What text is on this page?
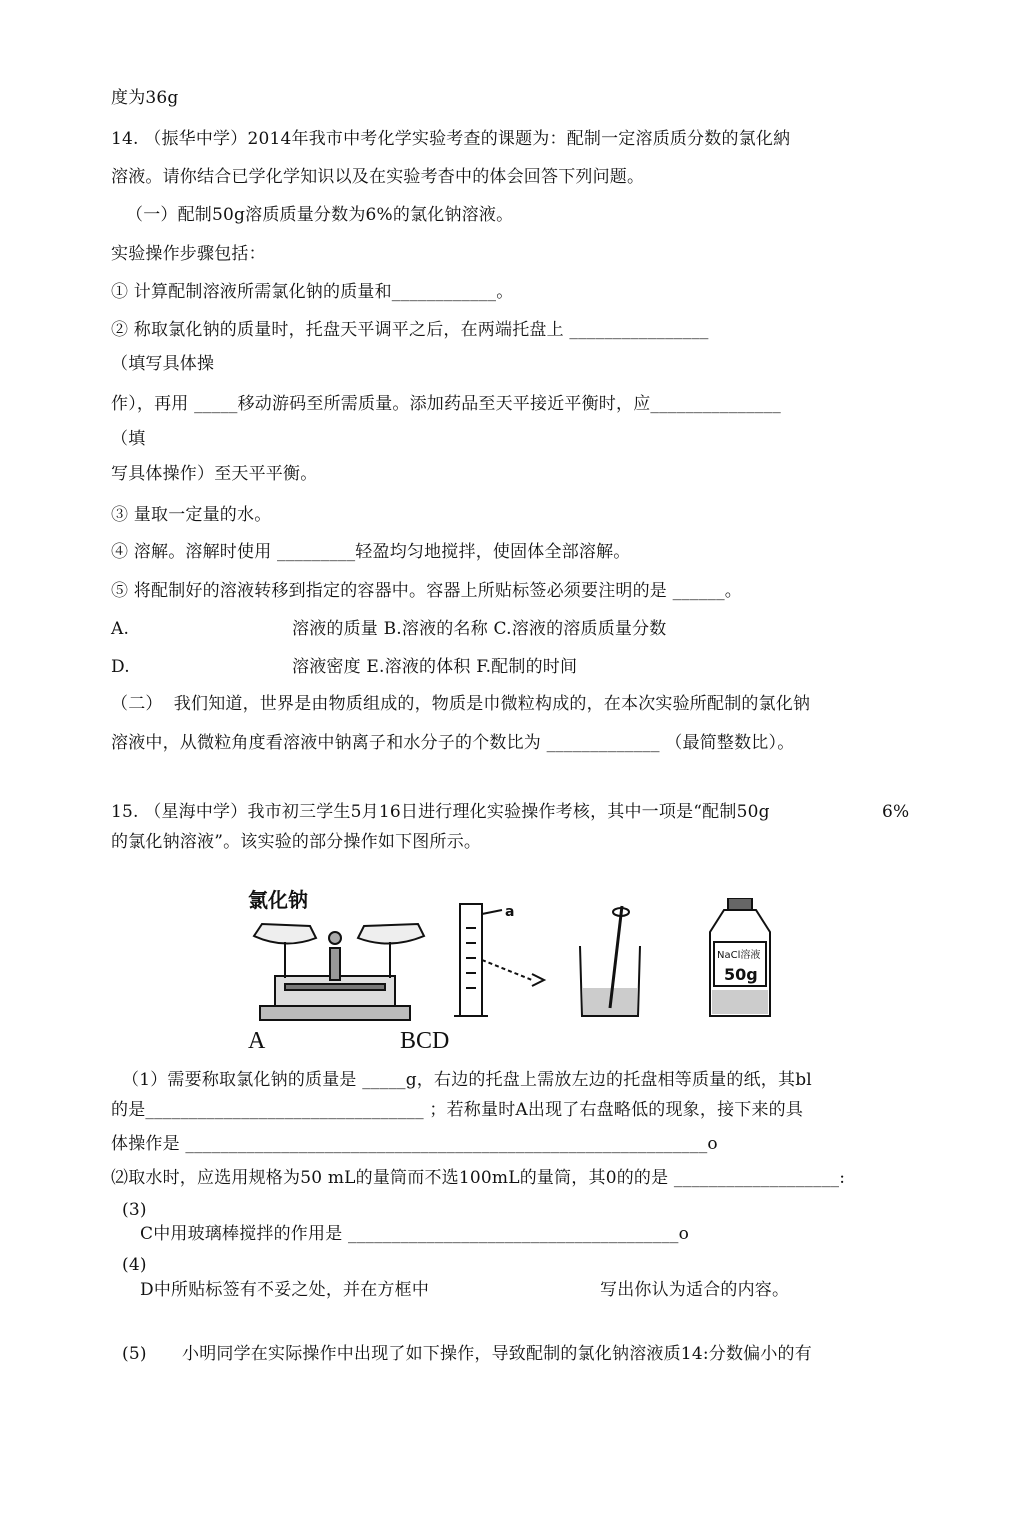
度为36g
14. （振华中学）2014年我市中考化学实验考查的课题为：配制一定溶质质分数的氯化納
溶液。请你结合已学化学知识以及在实验考杳中的体会回答下列问题。
（一）配制50g溶质质量分数为6%的氯化钠溶液。
实验操作步骤包括：
① 计算配制溶液所需氯化钠的质量和____________。
② 称取氯化钠的质量时，托盘天平调平之后，在两端托盘上 ________________
（填写具体操
作），再用 _____移动游码至所需质量。添加药品至天平接近平衡时，应_______________
（填
写具体操作）至天平平衡。
③ 量取一定量的水。
④ 溶解。溶解时使用 _________轻盈均匀地搅拌，使固体全部溶解。
⑤ 将配制好的溶液转移到指定的容器中。容器上所贴标签必须要注明的是 ______。
A.	溶液的质量 B.溶液的名称 C.溶液的溶质质量分数
D.	溶液密度 E.溶液的体积 F.配制的时间
（二）  我们知道，世界是由物质组成的，物质是巾微粒构成的，在本次实验所配制的氯化钠
溶液中，从微粒角度看溶液中钠离子和水分子的个数比为 _____________ （最简整数比）。
15. （星海中学）我市初三学生5月16日进行理化实验操作考核，其中一项是“配制50g	6%
的氯化钠溶液”。该实验的部分操作如下图所示。
氯化钠
NaCl溶液
50g
a
A	BCD
（1）需要称取氯化钠的质量是 _____g，右边的托盘上需放左边的托盘相等质量的纸，其bl
的是________________________________ ；若称量时A出现了右盘略低的现象，接下来的具
体操作是 ____________________________________________________________o
⑵取水时，应选用规格为50 mL的量筒而不选100mL的量筒，其0的的是 ___________________:
(3)
C中用玻璃棒搅拌的作用是 ______________________________________o
(4)
D中所贴标签有不妥之处，并在方框中	写出你认为适合的内容。
(5) 小明同学在实际操作中出现了如下操作，导致配制的氯化钠溶液质14:分数偏小的有
